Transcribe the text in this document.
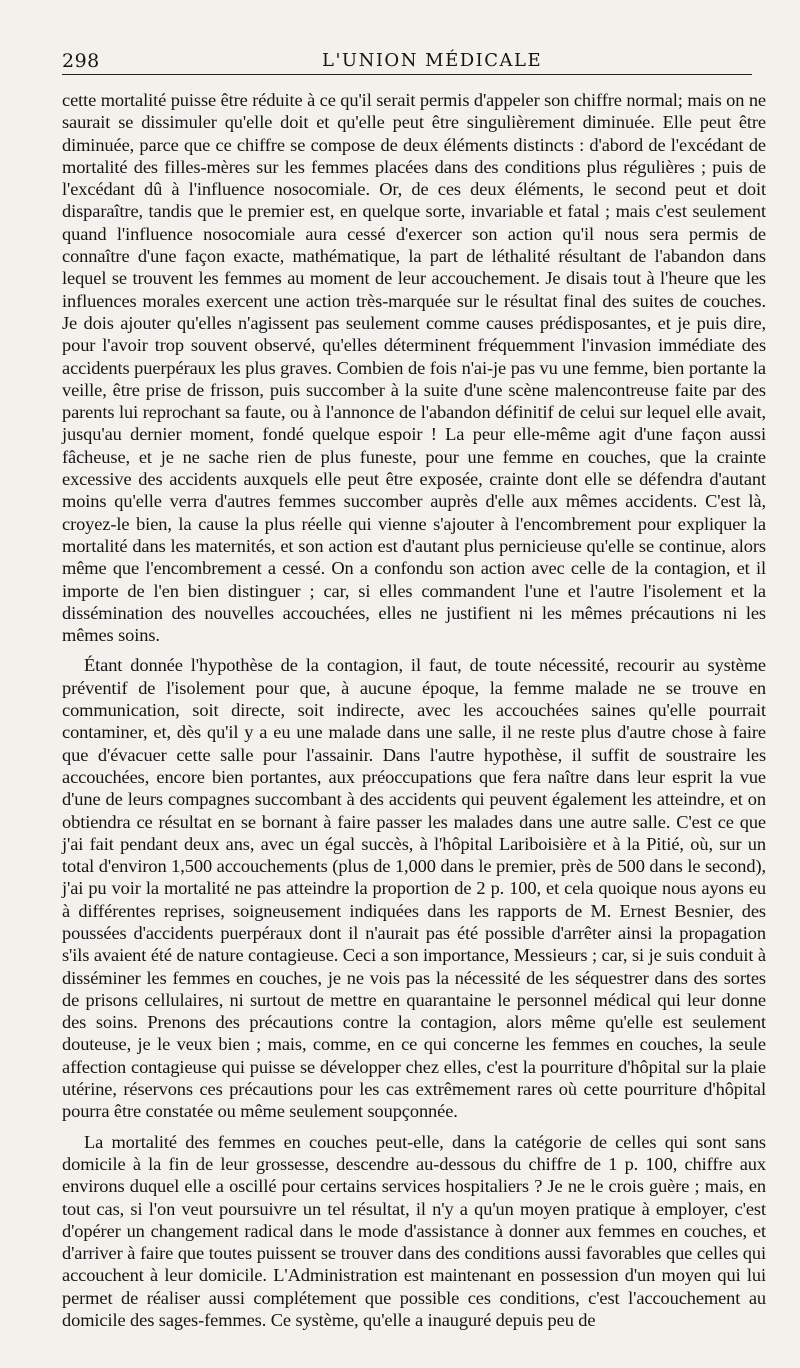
298	L'UNION MÉDICALE

cette mortalité puisse être réduite à ce qu'il serait permis d'appeler son chiffre normal; mais on ne saurait se dissimuler qu'elle doit et qu'elle peut être singulièrement diminuée. Elle peut être diminuée, parce que ce chiffre se compose de deux éléments distincts : d'abord de l'excédant de mortalité des filles-mères sur les femmes placées dans des conditions plus régulières ; puis de l'excédant dû à l'influence nosocomiale. Or, de ces deux éléments, le second peut et doit disparaître, tandis que le premier est, en quelque sorte, invariable et fatal ; mais c'est seulement quand l'influence nosocomiale aura cessé d'exercer son action qu'il nous sera permis de connaître d'une façon exacte, mathématique, la part de léthalité résultant de l'abandon dans lequel se trouvent les femmes au moment de leur accouchement. Je disais tout à l'heure que les influences morales exercent une action très-marquée sur le résultat final des suites de couches. Je dois ajouter qu'elles n'agissent pas seulement comme causes prédisposantes, et je puis dire, pour l'avoir trop souvent observé, qu'elles déterminent fréquemment l'invasion immédiate des accidents puerpéraux les plus graves. Combien de fois n'ai-je pas vu une femme, bien portante la veille, être prise de frisson, puis succomber à la suite d'une scène malencontreuse faite par des parents lui reprochant sa faute, ou à l'annonce de l'abandon définitif de celui sur lequel elle avait, jusqu'au dernier moment, fondé quelque espoir ! La peur elle-même agit d'une façon aussi fâcheuse, et je ne sache rien de plus funeste, pour une femme en couches, que la crainte excessive des accidents auxquels elle peut être exposée, crainte dont elle se défendra d'autant moins qu'elle verra d'autres femmes succomber auprès d'elle aux mêmes accidents. C'est là, croyez-le bien, la cause la plus réelle qui vienne s'ajouter à l'encombrement pour expliquer la mortalité dans les maternités, et son action est d'autant plus pernicieuse qu'elle se continue, alors même que l'encombrement a cessé. On a confondu son action avec celle de la contagion, et il importe de l'en bien distinguer ; car, si elles commandent l'une et l'autre l'isolement et la dissémination des nouvelles accouchées, elles ne justifient ni les mêmes précautions ni les mêmes soins.

Étant donnée l'hypothèse de la contagion, il faut, de toute nécessité, recourir au système préventif de l'isolement pour que, à aucune époque, la femme malade ne se trouve en communication, soit directe, soit indirecte, avec les accouchées saines qu'elle pourrait contaminer, et, dès qu'il y a eu une malade dans une salle, il ne reste plus d'autre chose à faire que d'évacuer cette salle pour l'assainir. Dans l'autre hypothèse, il suffit de soustraire les accouchées, encore bien portantes, aux préoccupations que fera naître dans leur esprit la vue d'une de leurs compagnes succombant à des accidents qui peuvent également les atteindre, et on obtiendra ce résultat en se bornant à faire passer les malades dans une autre salle. C'est ce que j'ai fait pendant deux ans, avec un égal succès, à l'hôpital Lariboisière et à la Pitié, où, sur un total d'environ 1,500 accouchements (plus de 1,000 dans le premier, près de 500 dans le second), j'ai pu voir la mortalité ne pas atteindre la proportion de 2 p. 100, et cela quoique nous ayons eu à différentes reprises, soigneusement indiquées dans les rapports de M. Ernest Besnier, des poussées d'accidents puerpéraux dont il n'aurait pas été possible d'arrêter ainsi la propagation s'ils avaient été de nature contagieuse. Ceci a son importance, Messieurs ; car, si je suis conduit à disséminer les femmes en couches, je ne vois pas la nécessité de les séquestrer dans des sortes de prisons cellulaires, ni surtout de mettre en quarantaine le personnel médical qui leur donne des soins. Prenons des précautions contre la contagion, alors même qu'elle est seulement douteuse, je le veux bien ; mais, comme, en ce qui concerne les femmes en couches, la seule affection contagieuse qui puisse se développer chez elles, c'est la pourriture d'hôpital sur la plaie utérine, réservons ces précautions pour les cas extrêmement rares où cette pourriture d'hôpital pourra être constatée ou même seulement soupçonnée.

La mortalité des femmes en couches peut-elle, dans la catégorie de celles qui sont sans domicile à la fin de leur grossesse, descendre au-dessous du chiffre de 1 p. 100, chiffre aux environs duquel elle a oscillé pour certains services hospitaliers ? Je ne le crois guère ; mais, en tout cas, si l'on veut poursuivre un tel résultat, il n'y a qu'un moyen pratique à employer, c'est d'opérer un changement radical dans le mode d'assistance à donner aux femmes en couches, et d'arriver à faire que toutes puissent se trouver dans des conditions aussi favorables que celles qui accouchent à leur domicile. L'Administration est maintenant en possession d'un moyen qui lui permet de réaliser aussi complétement que possible ces conditions, c'est l'accouchement au domicile des sages-femmes. Ce système, qu'elle a inauguré depuis peu de
